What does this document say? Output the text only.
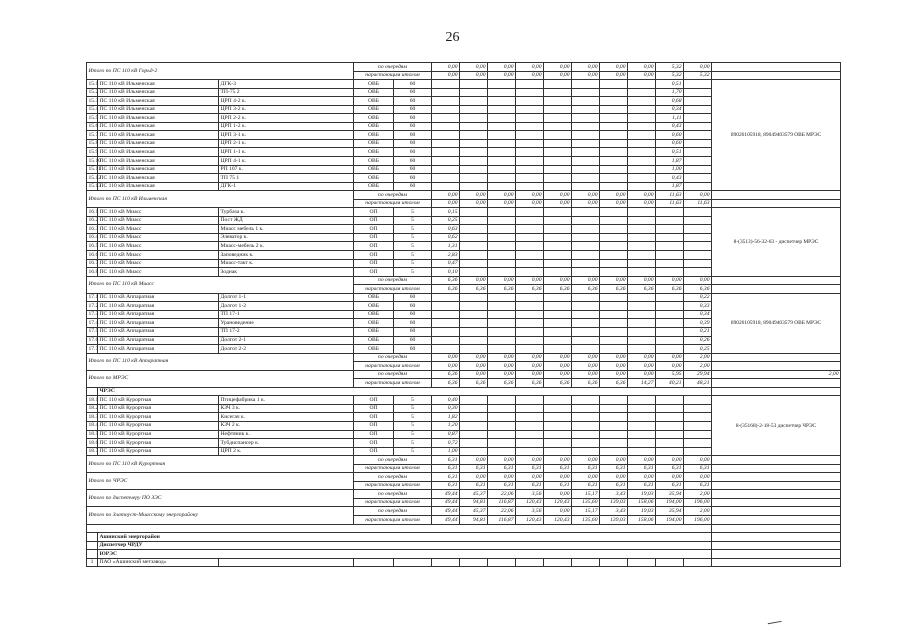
26
Итого по ПС 110 кВ Горьд-2			по очередям		0,00	0,00	0,00	0,00	0,00	0,00	0,00	0,00	5,32	0,00		
			нарастающим итогом		0,00	0,00	0,00	0,00	0,00	0,00	0,00	0,00	5,32	5,32		
15.1	ПС 110 кВ Ильменская	ДГК-3	ОВБ	60									0,51		89026105918, 89049403579 ОВБ МРЭС	
15.2	ПС 110 кВ Ильменская	ТП-75 2	ОВБ	60									1,70			
15.3	ПС 110 кВ Ильменская	ЦРП 4-2 к.	ОВБ	60									0,68			
15.4	ПС 110 кВ Ильменская	ЦРП 3-2 к.	ОВБ	60									0,34			
15.5	ПС 110 кВ Ильменская	ЦРП 2-2 к.	ОВБ	60									1,11			
15.6	ПС 110 кВ Ильменская	ЦРП 1-2 к.	ОВБ	60									0,43			
15.7	ПС 110 кВ Ильменская	ЦРП 3-1 к.	ОВБ	60									0,60			
15.8	ПС 110 кВ Ильменская	ЦРП 2-1 к.	ОВБ	60									0,60			
15.9	ПС 110 кВ Ильменская	ЦРП 1-1 к.	ОВБ	60									0,51			
15.10	ПС 110 кВ Ильменская	ЦРП 4-1 к.	ОВБ	60									1,87			
15.11	ПС 110 кВ Ильменская	РП 107 к.	ОВБ	60									1,00			
15.12	ПС 110 кВ Ильменская	ТП 75 1	ОВБ	60									0,43			
15.13	ПС 110 кВ Ильменская	ДГК-1	ОВБ	60									1,87			
Итого по ПС 110 кВ Ильменская			по очередям		0,00	0,00	0,00	0,00	0,00	0,00	0,00	0,00	11,63	0,00		
			нарастающим итогом		0,00	0,00	0,00	0,00	0,00	0,00	0,00	0,00	11,63	11,63		
16.1	ПС 110 кВ Миасс	Турбаза к.	ОП	5	0,15										8-(3513)-56-32-63 - диспетчер МРЭС	
16.2	ПС 110 кВ Миасс	Пост ЖД	ОП	5	0,25											
16.3	ПС 110 кВ Миасс	Миасс мебель 1 к.	ОП	5	0,63											
16.4	ПС 110 кВ Миасс	Элеватор к.	ОП	5	0,62											
16.5	ПС 110 кВ Миасс	Миасс-мебель 2 к.	ОП	5	1,31											
16.6	ПС 110 кВ Миасс	Заповедник к.	ОП	5	2,83											
16.7	ПС 110 кВ Миасс	Миасс-такт к.	ОП	5	0,47											
16.8	ПС 110 кВ Миасс	Зодиак	ОП	5	0,10											
Итого по ПС 110 кВ Миасс			по очередям		6,36	0,00	0,00	0,00	0,00	0,00	0,00	0,00	0,00	0,00		
			нарастающим итогом		6,36	6,36	6,36	6,36	6,36	6,36	6,36	6,36	6,36	6,36		
17.1	ПС 110 кВ Аппаратная	Долгот 1-1	ОВБ	60										0,22	89026105918, 89049403579 ОВБ МРЭС	
17.2	ПС 110 кВ Аппаратная	Долгот 1-2	ОВБ	60										0,33		
17.3	ПС 110 кВ Аппаратная	ТП 17-1	ОВБ	60										0,34		
17.4	ПС 110 кВ Аппаратная	Урановедение	ОВБ	60										0,39		
17.5	ПС 110 кВ Аппаратная	ТП 17-2	ОВБ	60										0,21		
17.6	ПС 110 кВ Аппаратная	Долгот 2-1	ОВБ	60										0,26		
17.7	ПС 110 кВ Аппаратная	Долгот 2-2	ОВБ	60										0,25		
Итого по ПС 110 кВ Аппаратная			по очередям		0,00	0,00	0,00	0,00	0,00	0,00	0,00	0,00	0,00	2,00		
			нарастающим итогом		0,00	0,00	0,00	0,00	0,00	0,00	0,00	0,00	0,00	2,00		
Итого по МРЭС			по очередям		6,36	0,00	0,00	0,00	0,00	0,00	0,00	0,00	5,95	29,94	2,00	
			нарастающим итогом		6,36	6,36	6,36	6,36	6,36	6,36	6,36	14,27	40,21	48,21		
	ЧРЭС															
18.1	ПС 110 кВ Курортная	Птицефабрика 1 к.	ОП	5	0,40										8-(35168)-2-18-53 диспетчер ЧРЭС	
18.2	ПС 110 кВ Курортная	КЗЧ 3 к.	ОП	5	0,30											
18.3	ПС 110 кВ Курортная	Кисегач к.	ОП	5	1,82											
18.4	ПС 110 кВ Курортная	КЗЧ 2 к.	ОП	5	1,20											
18.5	ПС 110 кВ Курортная	Нефтяник к.	ОП	5	0,87											
18.6	ПС 110 кВ Курортная	Тубдиспансер к.	ОП	5	0,72											
18.7	ПС 110 кВ Курортная	ЦРП 2 к.	ОП	5	1,00											
Итого по ПС 110 кВ Курортная			по очередям		6,31	0,00	0,00	0,00	0,00	0,00	0,00	0,00	0,00	0,00		
			нарастающим итогом		6,31	6,31	6,31	6,31	6,31	6,31	6,31	6,31	6,31	6,31		
Итого по ЧРЭС			по очередям		6,31	0,00	0,00	0,00	0,00	0,00	0,00	0,00	0,00	0,00		
			нарастающим итогом		6,31	6,31	6,31	6,31	6,31	6,31	6,31	6,31	6,31	6,31		
Итого по диспетчеру ПО ЗЭС			по очередям		49,44	45,37	22,06	3,56	0,00	15,17	3,43	19,03	35,94	2,00		
			нарастающим итогом		49,44	94,81	116,87	120,43	120,43	135,60	139,03	158,06	194,00	196,00		
Итого по Златоуст-Миасскому энергорайону			по очередям		49,44	45,37	22,06	3,56	0,00	15,17	3,43	19,03	35,94	2,00		
			нарастающим итогом		49,44	94,81	116,87	120,43	120,43	135,60	139,03	158,06	194,00	196,00		

	Ашинский энергорайон															
	Диспетчер ЧРДУ															
	ЮРЭС															
1	ПАО «Ашинский метзавод»															
